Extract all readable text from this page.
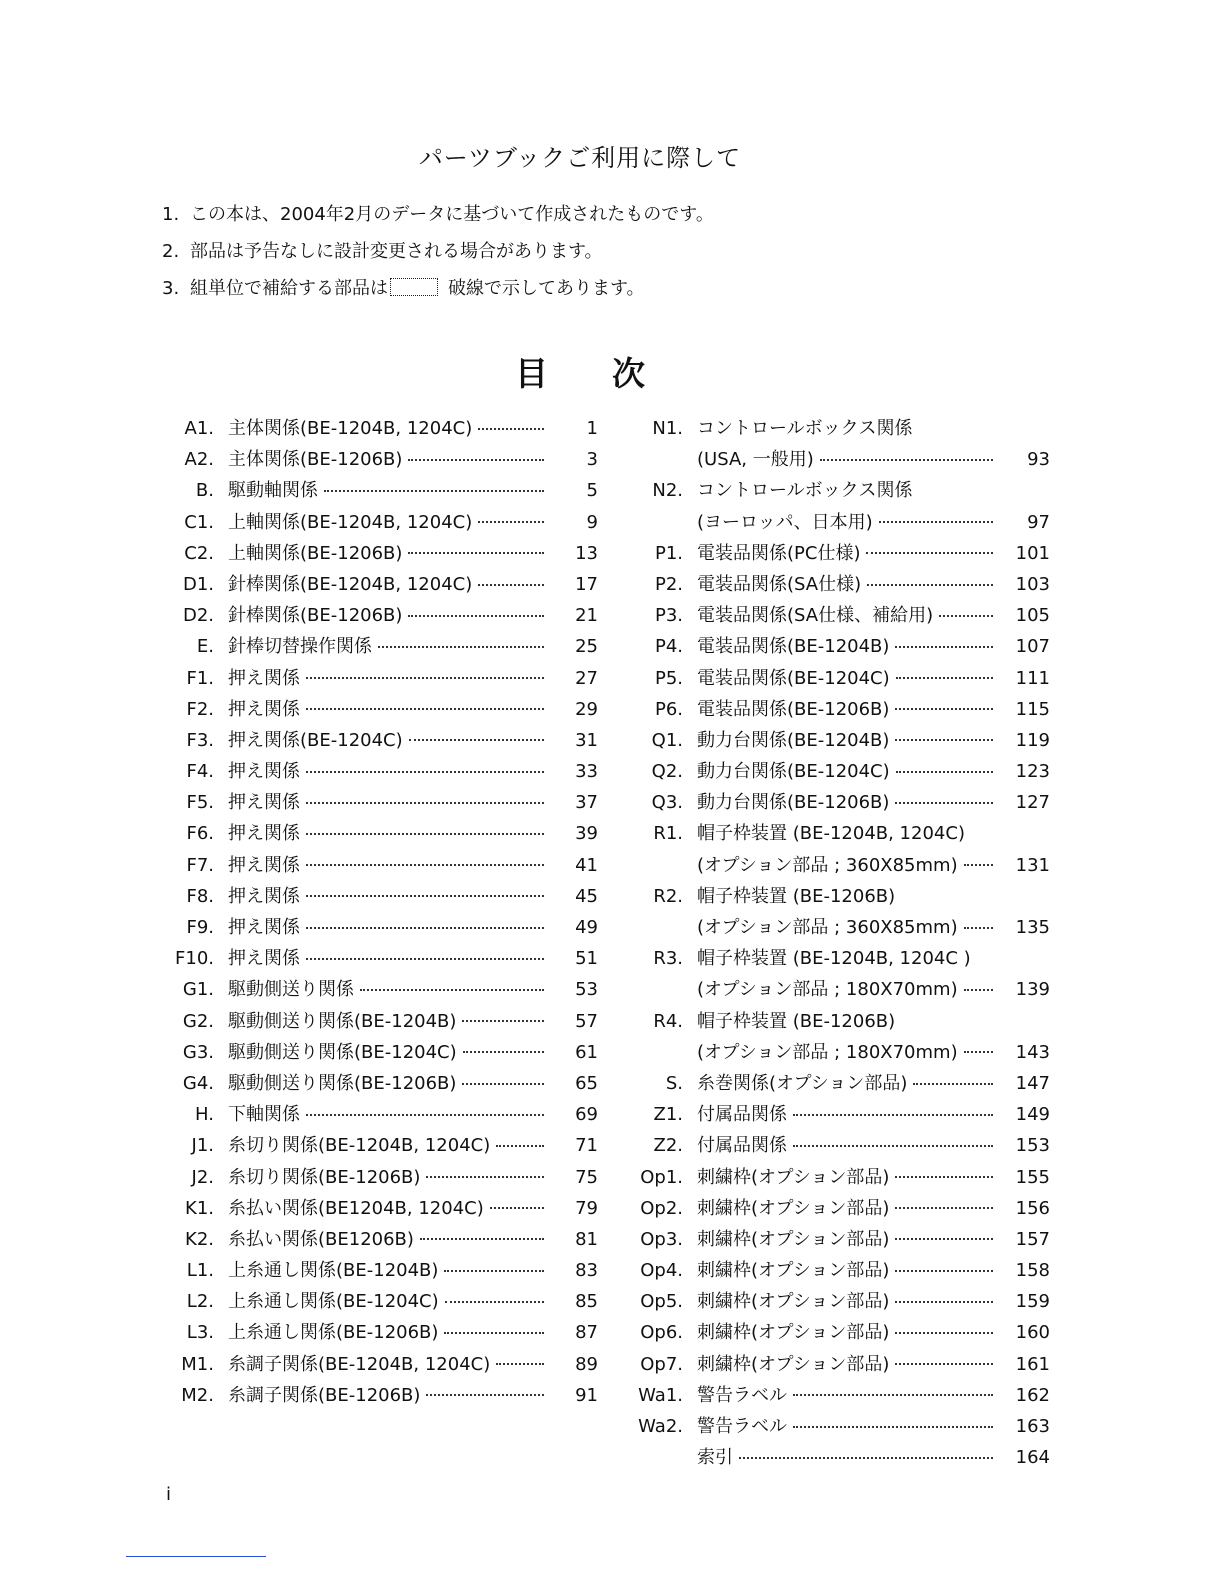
パーツブックご利用に際して
1. この本は、2004年2月のデータに基づいて作成されたものです。
2. 部品は予告なしに設計変更される場合があります。
3. 組単位で補給する部品は	破線で示してあります。
目 次
A1. 主体関係(BE-1204B, 1204C)	1
A2. 主体関係(BE-1206B)	3
B. 駆動軸関係	5
C1. 上軸関係(BE-1204B, 1204C)	9
C2. 上軸関係(BE-1206B)	13
D1. 針棒関係(BE-1204B, 1204C)	17
D2. 針棒関係(BE-1206B)	21
E. 針棒切替操作関係	25
F1. 押え関係	27
F2. 押え関係	29
F3. 押え関係(BE-1204C)	31
F4. 押え関係	33
F5. 押え関係	37
F6. 押え関係	39
F7. 押え関係	41
F8. 押え関係	45
F9. 押え関係	49
F10. 押え関係	51
G1. 駆動側送り関係	53
G2. 駆動側送り関係(BE-1204B)	57
G3. 駆動側送り関係(BE-1204C)	61
G4. 駆動側送り関係(BE-1206B)	65
H. 下軸関係	69
J1. 糸切り関係(BE-1204B, 1204C)	71
J2. 糸切り関係(BE-1206B)	75
K1. 糸払い関係(BE1204B, 1204C)	79
K2. 糸払い関係(BE1206B)	81
L1. 上糸通し関係(BE-1204B)	83
L2. 上糸通し関係(BE-1204C)	85
L3. 上糸通し関係(BE-1206B)	87
M1. 糸調子関係(BE-1204B, 1204C)	89
M2. 糸調子関係(BE-1206B)	91
N1. コントロールボックス関係
(USA, 一般用)	93
N2. コントロールボックス関係
(ヨーロッパ、日本用)	97
P1. 電装品関係(PC仕様)	101
P2. 電装品関係(SA仕様)	103
P3. 電装品関係(SA仕様、補給用)	105
P4. 電装品関係(BE-1204B)	107
P5. 電装品関係(BE-1204C)	111
P6. 電装品関係(BE-1206B)	115
Q1. 動力台関係(BE-1204B)	119
Q2. 動力台関係(BE-1204C)	123
Q3. 動力台関係(BE-1206B)	127
R1. 帽子枠装置 (BE-1204B, 1204C)
(オプション部品 ; 360X85mm)	131
R2. 帽子枠装置 (BE-1206B)
(オプション部品 ; 360X85mm)	135
R3. 帽子枠装置 (BE-1204B, 1204C )
(オプション部品 ; 180X70mm)	139
R4. 帽子枠装置 (BE-1206B)
(オプション部品 ; 180X70mm)	143
S. 糸巻関係(オプション部品)	147
Z1. 付属品関係	149
Z2. 付属品関係	153
Op1. 刺繍枠(オプション部品)	155
Op2. 刺繍枠(オプション部品)	156
Op3. 刺繍枠(オプション部品)	157
Op4. 刺繍枠(オプション部品)	158
Op5. 刺繍枠(オプション部品)	159
Op6. 刺繍枠(オプション部品)	160
Op7. 刺繍枠(オプション部品)	161
Wa1. 警告ラベル	162
Wa2. 警告ラベル	163
索引	164
i
